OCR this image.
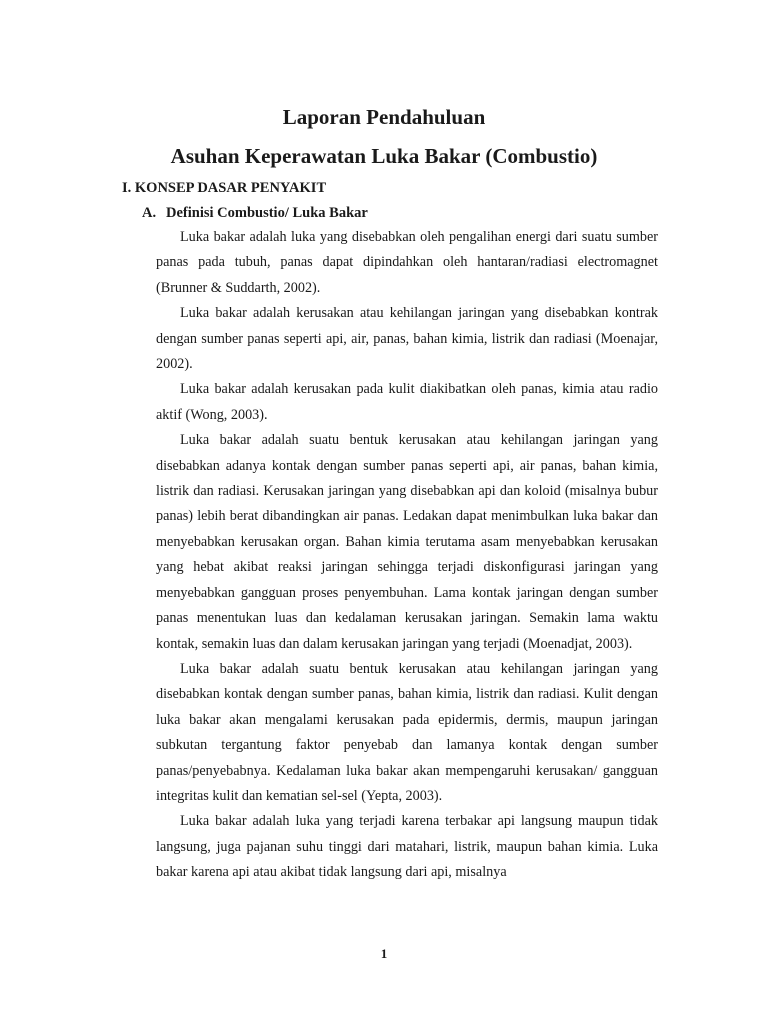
Laporan Pendahuluan
Asuhan Keperawatan Luka Bakar (Combustio)
I. KONSEP DASAR PENYAKIT
A. Definisi Combustio/ Luka Bakar

Luka bakar adalah luka yang disebabkan oleh pengalihan energi dari suatu sumber panas pada tubuh, panas dapat dipindahkan oleh hantaran/radiasi electromagnet (Brunner & Suddarth, 2002).

Luka bakar adalah kerusakan atau kehilangan jaringan yang disebabkan kontrak dengan sumber panas seperti api, air, panas, bahan kimia, listrik dan radiasi (Moenajar, 2002).

Luka bakar adalah kerusakan pada kulit diakibatkan oleh panas, kimia atau radio aktif (Wong, 2003).

Luka bakar adalah suatu bentuk kerusakan atau kehilangan jaringan yang disebabkan adanya kontak dengan sumber panas seperti api, air panas, bahan kimia, listrik dan radiasi. Kerusakan jaringan yang disebabkan api dan koloid (misalnya bubur panas) lebih berat dibandingkan air panas. Ledakan dapat menimbulkan luka bakar dan menyebabkan kerusakan organ. Bahan kimia terutama asam menyebabkan kerusakan yang hebat akibat reaksi jaringan sehingga terjadi diskonfigurasi jaringan yang menyebabkan gangguan proses penyembuhan. Lama kontak jaringan dengan sumber panas menentukan luas dan kedalaman kerusakan jaringan. Semakin lama waktu kontak, semakin luas dan dalam kerusakan jaringan yang terjadi (Moenadjat, 2003).

Luka bakar adalah suatu bentuk kerusakan atau kehilangan jaringan yang disebabkan kontak dengan sumber panas, bahan kimia, listrik dan radiasi. Kulit dengan luka bakar akan mengalami kerusakan pada epidermis, dermis, maupun jaringan subkutan tergantung faktor penyebab dan lamanya kontak dengan sumber panas/penyebabnya. Kedalaman luka bakar akan mempengaruhi kerusakan/ gangguan integritas kulit dan kematian sel-sel (Yepta, 2003).

Luka bakar adalah luka yang terjadi karena terbakar api langsung maupun tidak langsung, juga pajanan suhu tinggi dari matahari, listrik, maupun bahan kimia. Luka bakar karena api atau akibat tidak langsung dari api, misalnya

1
